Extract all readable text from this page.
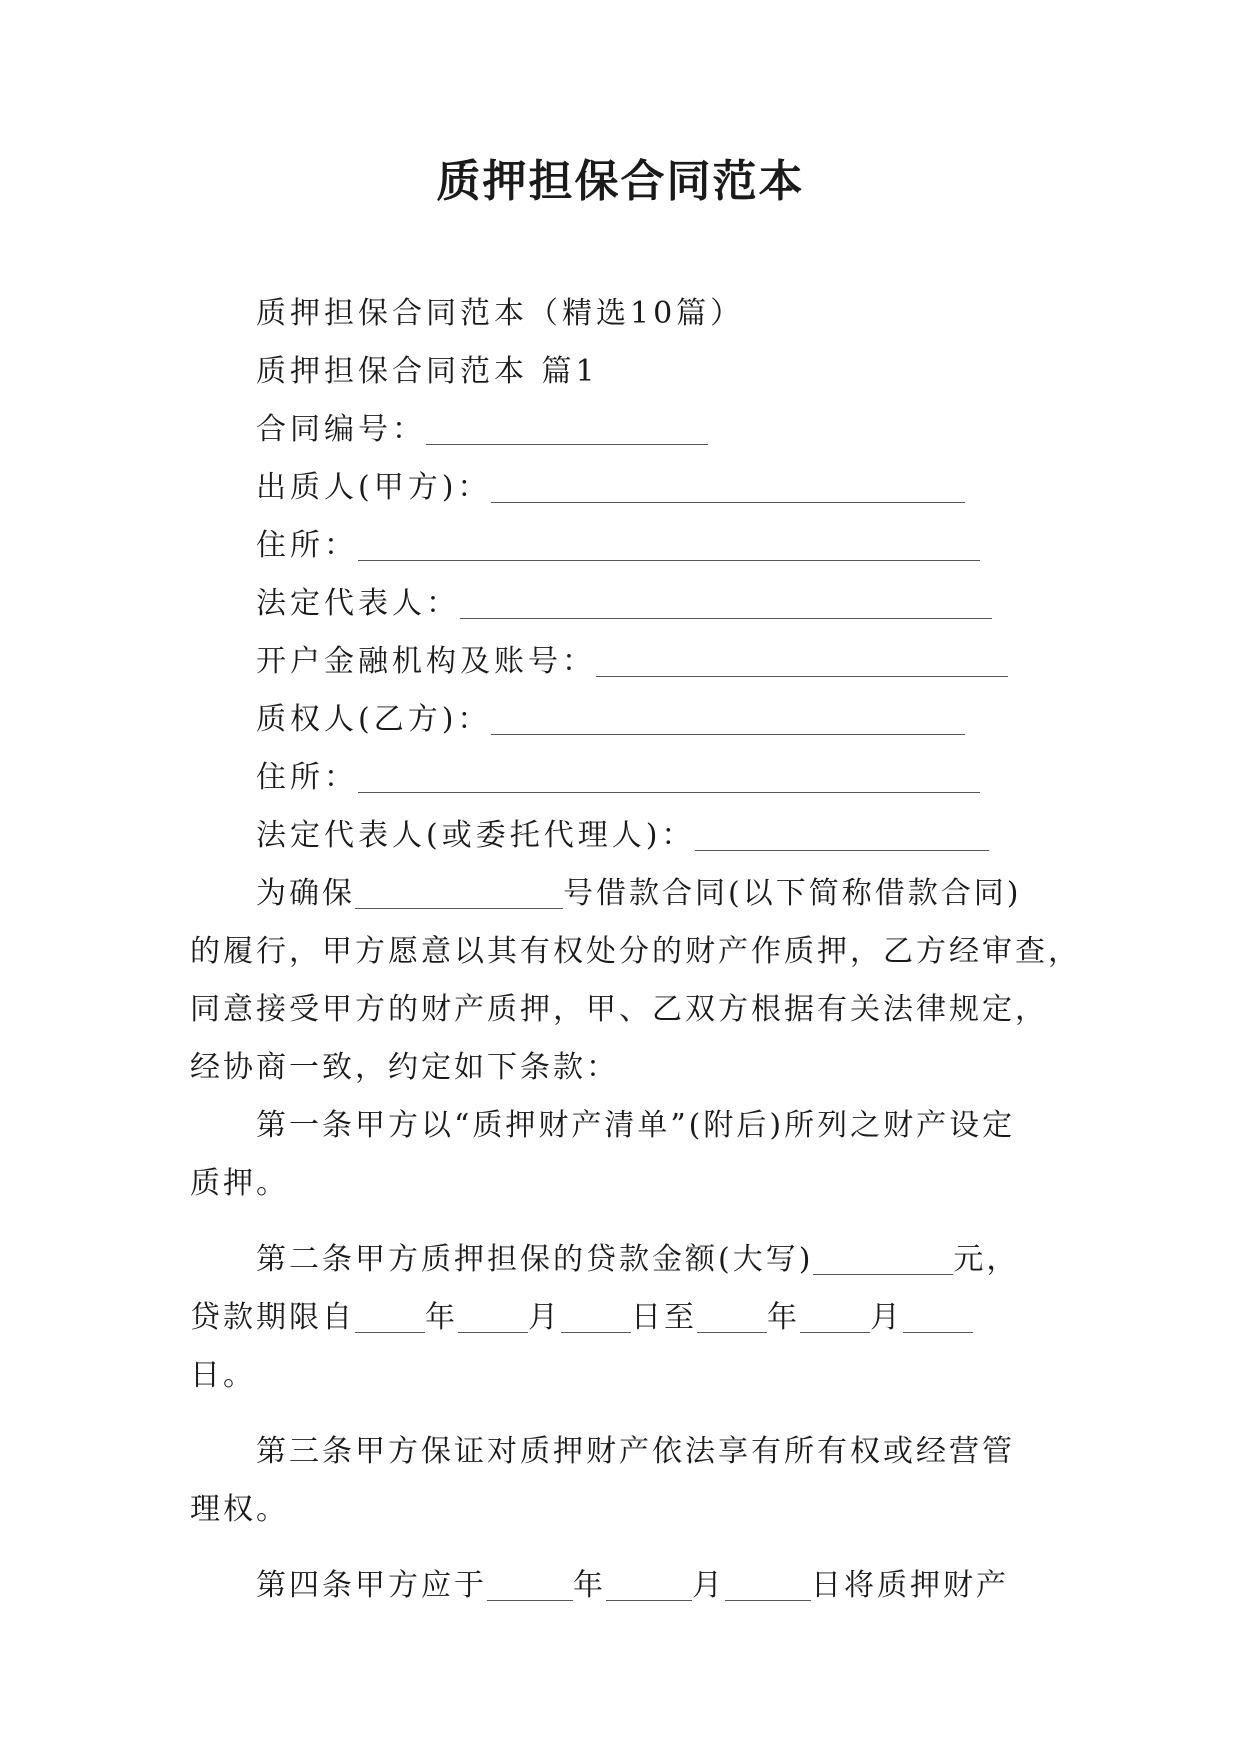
质押担保合同范本
质押担保合同范本（精选10篇）
质押担保合同范本 篇1
合同编号：
出质人(甲方)：
住所：
法定代表人：
开户金融机构及账号：
质权人(乙方)：
住所：
法定代表人(或委托代理人)：
为确保	号借款合同(以下简称借款合同)
的履行，甲方愿意以其有权处分的财产作质押，乙方经审查，
同意接受甲方的财产质押，甲、乙双方根据有关法律规定，
经协商一致，约定如下条款：
第一条甲方以“质押财产清单”(附后)所列之财产设定
质押。
第二条甲方质押担保的贷款金额(大写)	元，
贷款期限自 年 月 日至 年 月
日。
第三条甲方保证对质押财产依法享有所有权或经营管
理权。
第四条甲方应于	年	月	日将质押财产
